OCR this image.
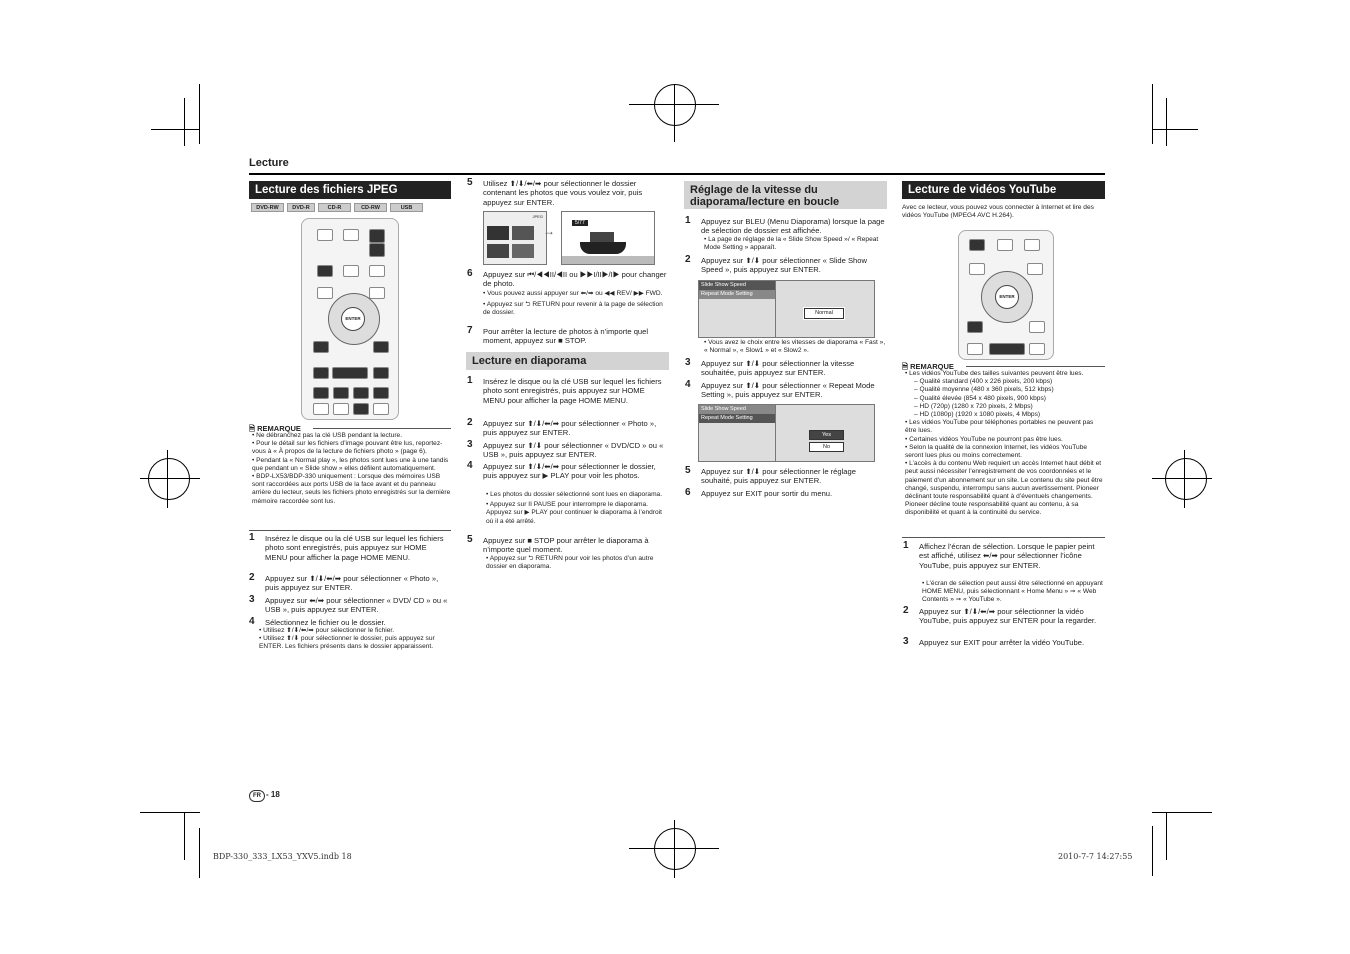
Lecture
Lecture des fichiers JPEG
DVD-RW	DVD-R	CD-R	CD-RW	USB
ENTER
🗎 REMARQUE
• Ne débranchez pas la clé USB pendant la lecture.
• Pour le détail sur les fichiers d’image pouvant être lus, reportez-vous à « À propos de la lecture de fichiers photo » (page 6).
• Pendant la « Normal play », les photos sont lues une à une tandis que pendant un « Slide show » elles défilent automatiquement.
• BDP-LX53/BDP-330 uniquement : Lorsque des mémoires USB sont raccordées aux ports USB de la face avant et du panneau arrière du lecteur, seuls les fichiers photo enregistrés sur la dernière mémoire raccordée sont lus.
1 Insérez le disque ou la clé USB sur lequel les fichiers photo sont enregistrés, puis appuyez sur HOME MENU pour afficher la page HOME MENU.
2 Appuyez sur ⬆/⬇/⬅/➡ pour sélectionner « Photo », puis appuyez sur ENTER.
3 Appuyez sur ⬅/➡ pour sélectionner « DVD/ CD » ou « USB », puis appuyez sur ENTER.
4 Sélectionnez le fichier ou le dossier.
• Utilisez ⬆/⬇/⬅/➡ pour sélectionner le fichier.
• Utilisez ⬆/⬇ pour sélectionner le dossier, puis appuyez sur ENTER. Les fichiers présents dans le dossier apparaissent.
5 Utilisez ⬆/⬇/⬅/➡ pour sélectionner le dossier contenant les photos que vous voulez voir, puis appuyez sur ENTER.
JPEG
→
5/77
6 Appuyez sur ⏮/◀◀II/◀II ou ▶▶I/II▶/I▶ pour changer de photo.
• Vous pouvez aussi appuyer sur ⬅/➡ ou ◀◀ REV/ ▶▶ FWD.
• Appuyez sur ⮌ RETURN pour revenir à la page de sélection de dossier.
7 Pour arrêter la lecture de photos à n’importe quel moment, appuyez sur ■ STOP.
Lecture en diaporama
1 Insérez le disque ou la clé USB sur lequel les fichiers photo sont enregistrés, puis appuyez sur HOME MENU pour afficher la page HOME MENU.
2 Appuyez sur ⬆/⬇/⬅/➡ pour sélectionner « Photo », puis appuyez sur ENTER.
3 Appuyez sur ⬆/⬇ pour sélectionner « DVD/CD » ou « USB », puis appuyez sur ENTER.
4 Appuyez sur ⬆/⬇/⬅/➡ pour sélectionner le dossier, puis appuyez sur ▶ PLAY pour voir les photos.
• Les photos du dossier sélectionné sont lues en diaporama.
• Appuyez sur II PAUSE pour interrompre le diaporama. Appuyez sur ▶ PLAY pour continuer le diaporama à l’endroit où il a été arrêté.
5 Appuyez sur ■ STOP pour arrêter le diaporama à n’importe quel moment.
• Appuyez sur ⮌ RETURN pour voir les photos d’un autre dossier en diaporama.
Réglage de la vitesse du diaporama/lecture en boucle
1 Appuyez sur BLEU (Menu Diaporama) lorsque la page de sélection de dossier est affichée.
• La page de réglage de la « Slide Show Speed »/ « Repeat Mode Setting » apparaît.
2 Appuyez sur ⬆/⬇ pour sélectionner « Slide Show Speed », puis appuyez sur ENTER.
Slide Show Speed
Repeat Mode Setting
Normal
• Vous avez le choix entre les vitesses de diaporama « Fast », « Normal », « Slow1 » et « Slow2 ».
3 Appuyez sur ⬆/⬇ pour sélectionner la vitesse souhaitée, puis appuyez sur ENTER.
4 Appuyez sur ⬆/⬇ pour sélectionner « Repeat Mode Setting », puis appuyez sur ENTER.
Slide Show Speed
Repeat Mode Setting
Yes
No
5 Appuyez sur ⬆/⬇ pour sélectionner le réglage souhaité, puis appuyez sur ENTER.
6 Appuyez sur EXIT pour sortir du menu.
Lecture de vidéos YouTube
Avec ce lecteur, vous pouvez vous connecter à Internet et lire des vidéos YouTube (MPEG4 AVC H.264).
ENTER
🗎 REMARQUE
• Les vidéos YouTube des tailles suivantes peuvent être lues.
– Qualité standard (400 x 226 pixels, 200 kbps)
– Qualité moyenne (480 x 360 pixels, 512 kbps)
– Qualité élevée (854 x 480 pixels, 900 kbps)
– HD (720p) (1280 x 720 pixels, 2 Mbps)
– HD (1080p) (1920 x 1080 pixels, 4 Mbps)
• Les vidéos YouTube pour téléphones portables ne peuvent pas être lues.
• Certaines vidéos YouTube ne pourront pas être lues.
• Selon la qualité de la connexion Internet, les vidéos YouTube seront lues plus ou moins correctement.
• L’accès à du contenu Web requiert un accès Internet haut débit et peut aussi nécessiter l’enregistrement de vos coordonnées et le paiement d’un abonnement sur un site. Le contenu du site peut être changé, suspendu, interrompu sans aucun avertissement. Pioneer déclinant toute responsabilité quant à d’éventuels changements. Pioneer décline toute responsabilité quant au contenu, à sa disponibilité et quant à la continuité du service.
1 Affichez l’écran de sélection. Lorsque le papier peint est affiché, utilisez ⬅/➡ pour sélectionner l’icône YouTube, puis appuyez sur ENTER.
• L’écran de sélection peut aussi être sélectionné en appuyant HOME MENU, puis sélectionnant « Home Menu » ➞ « Web Contents » ➞ « YouTube ».
2 Appuyez sur ⬆/⬇/⬅/➡ pour sélectionner la vidéo YouTube, puis appuyez sur ENTER pour la regarder.
3 Appuyez sur EXIT pour arrêter la vidéo YouTube.
FR - 18
BDP-330_333_LX53_YXV5.indb 18	2010-7-7 14:27:55
